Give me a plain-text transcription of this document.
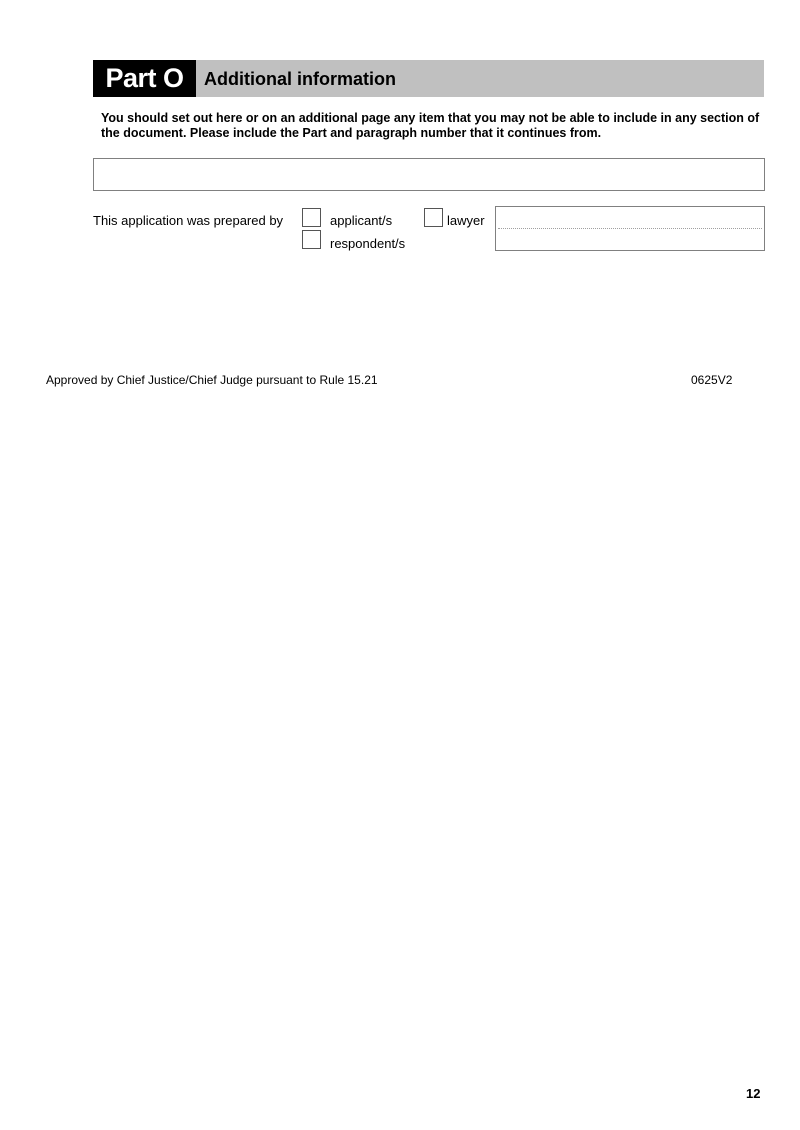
Part O	Additional information
You should set out here or on an additional page any item that you may not be able to include in any section of the document. Please include the Part and paragraph number that it continues from.
This application was prepared by	applicant/s	lawyer
respondent/s
Approved by Chief Justice/Chief Judge pursuant to Rule 15.21	0625V2
12
